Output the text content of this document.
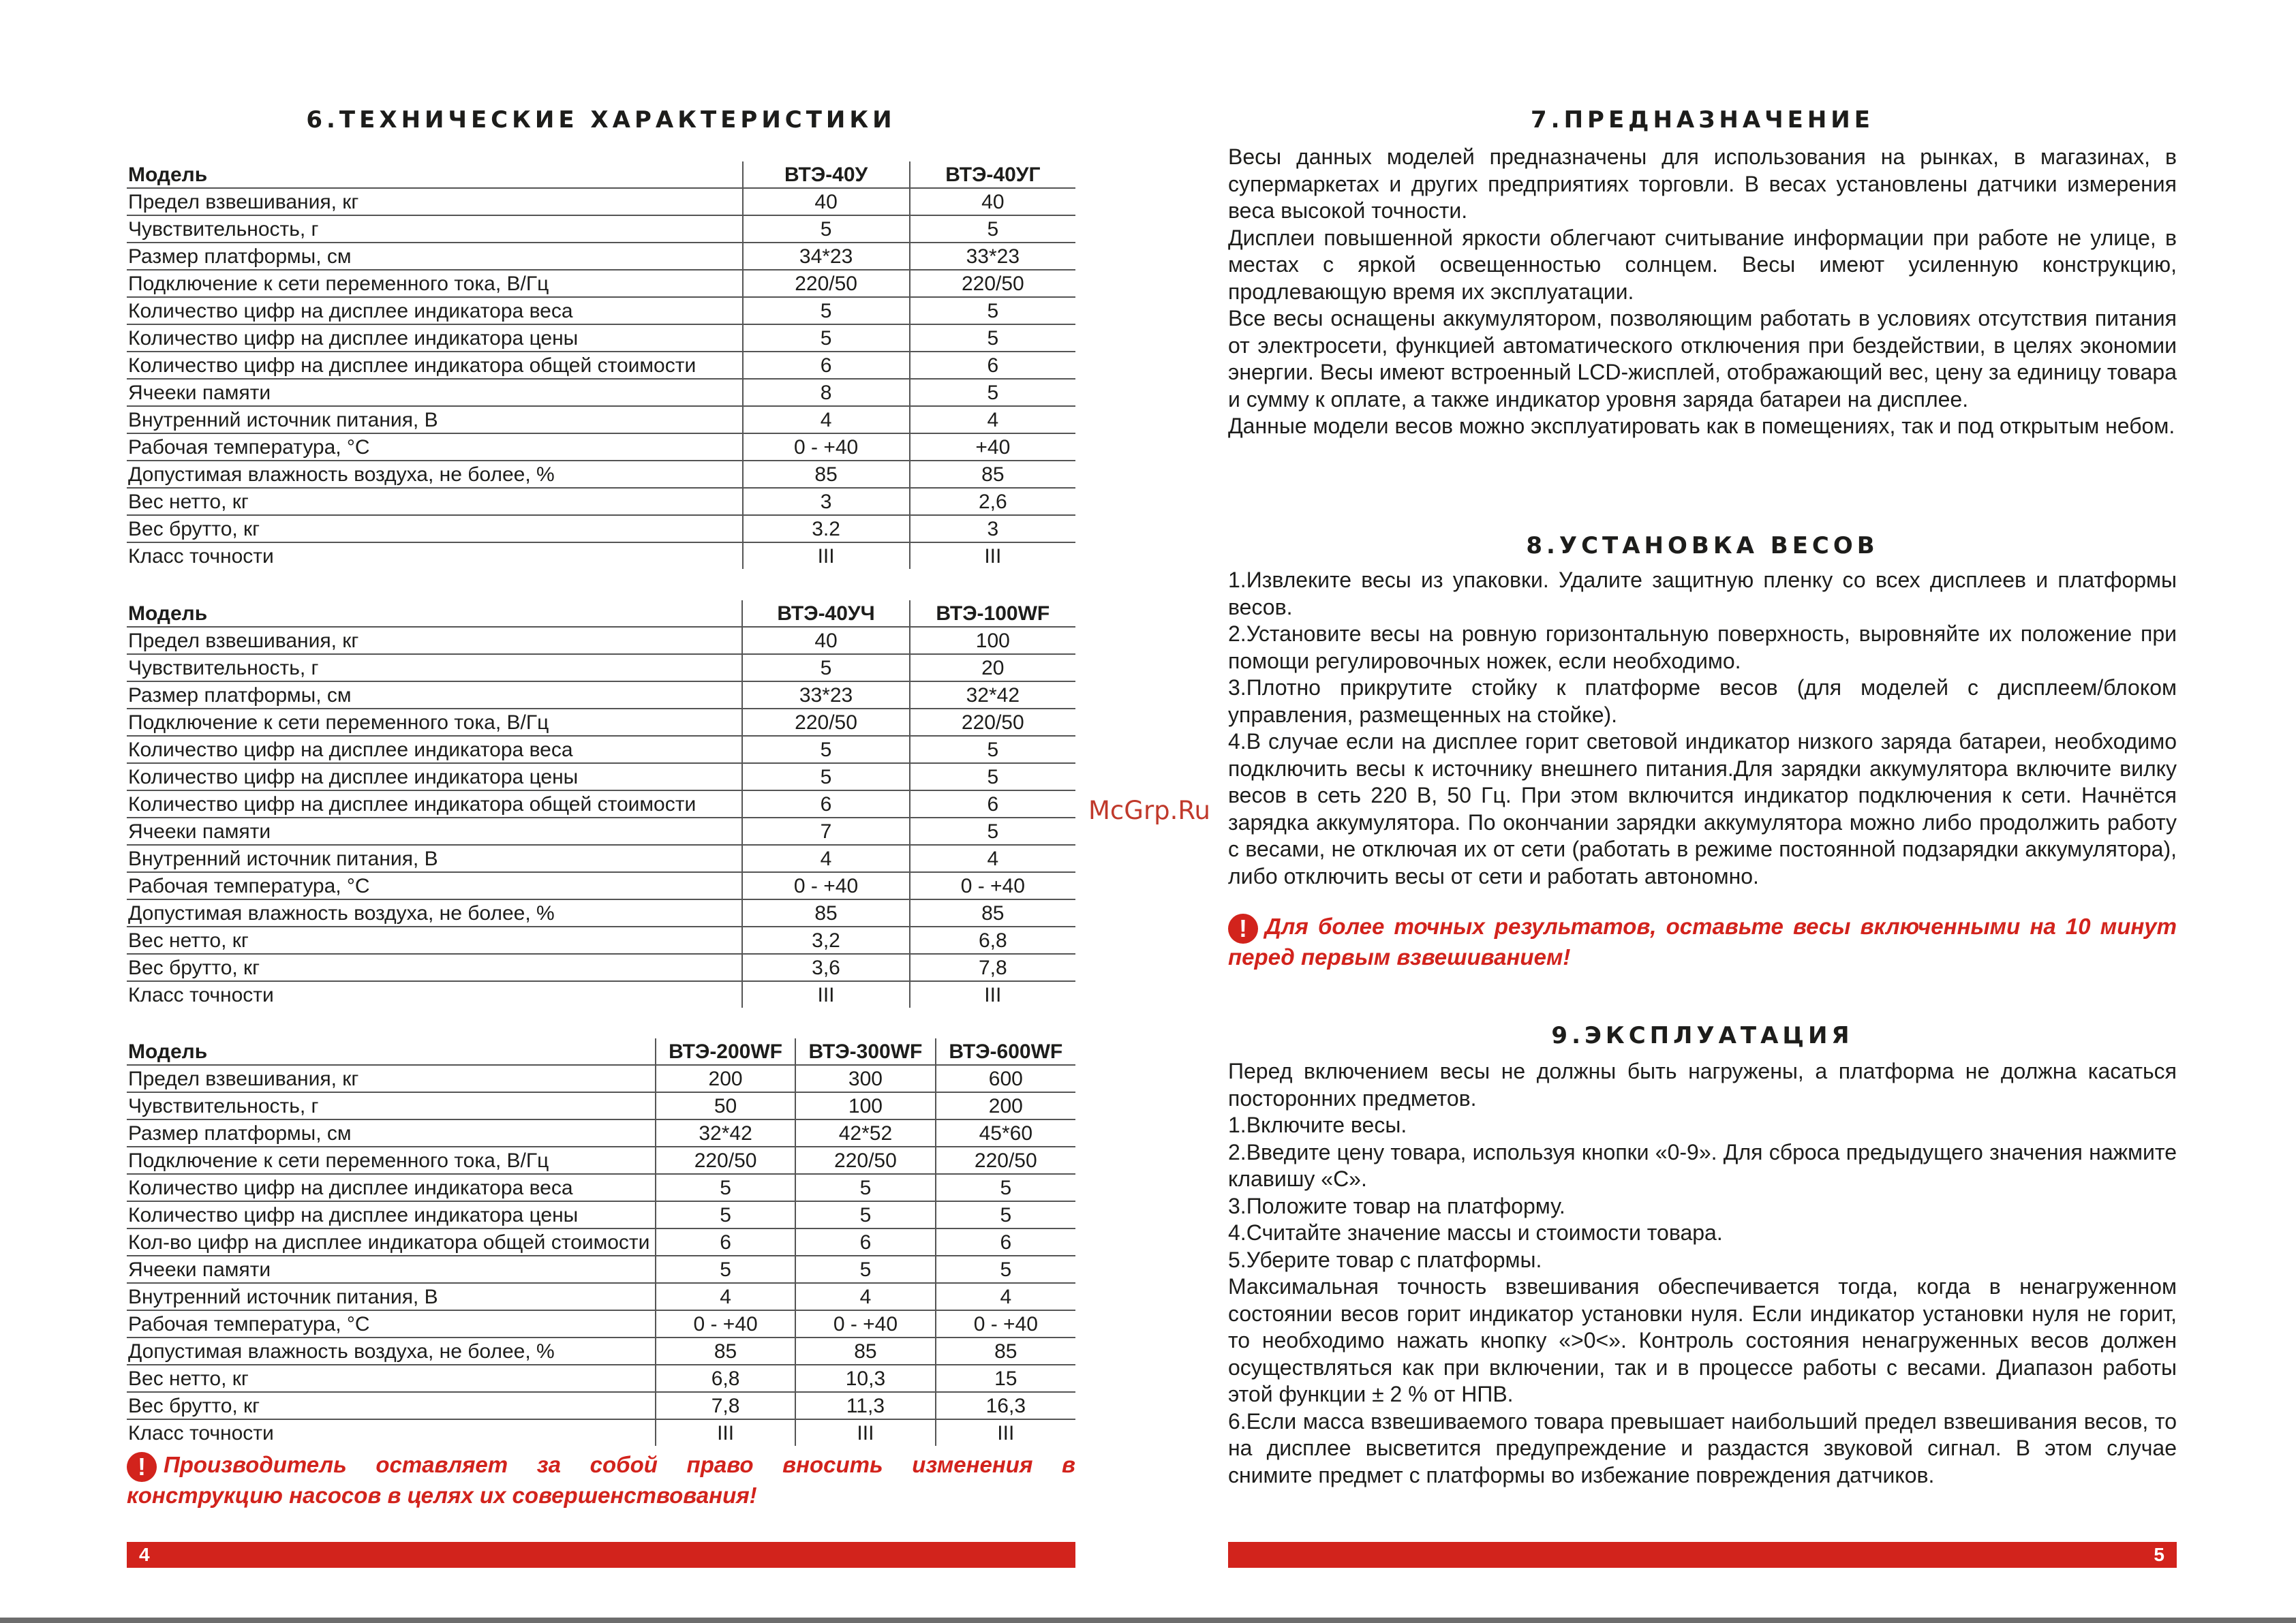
6.ТЕХНИЧЕСКИЕ ХАРАКТЕРИСТИКИ
Модель	ВТЭ-40У	ВТЭ-40УГ
Предел взвешивания, кг	40	40
Чувствительность, г	5	5
Размер платформы, см	34*23	33*23
Подключение к сети переменного тока, В/Гц	220/50	220/50
Количество цифр на дисплее индикатора веса	5	5
Количество цифр на дисплее индикатора цены	5	5
Количество цифр на дисплее индикатора общей стоимости	6	6
Ячееки памяти	8	5
Внутренний источник питания, В	4	4
Рабочая температура, °С	0 - +40	+40
Допустимая влажность воздуха, не более, %	85	85
Вес нетто, кг	3	2,6
Вес брутто, кг	3.2	3
Класс точности	III	III
Модель	ВТЭ-40УЧ	ВТЭ-100WF
Предел взвешивания, кг	40	100
Чувствительность, г	5	20
Размер платформы, см	33*23	32*42
Подключение к сети переменного тока, В/Гц	220/50	220/50
Количество цифр на дисплее индикатора веса	5	5
Количество цифр на дисплее индикатора цены	5	5
Количество цифр на дисплее индикатора общей стоимости	6	6
Ячееки памяти	7	5
Внутренний источник питания, В	4	4
Рабочая температура, °С	0 - +40	0 - +40
Допустимая влажность воздуха, не более, %	85	85
Вес нетто, кг	3,2	6,8
Вес брутто, кг	3,6	7,8
Класс точности	III	III
Модель	ВТЭ-200WF	ВТЭ-300WF	ВТЭ-600WF
Предел взвешивания, кг	200	300	600
Чувствительность, г	50	100	200
Размер платформы, см	32*42	42*52	45*60
Подключение к сети переменного тока, В/Гц	220/50	220/50	220/50
Количество цифр на дисплее индикатора веса	5	5	5
Количество цифр на дисплее индикатора цены	5	5	5
Кол-во цифр на дисплее индикатора общей стоимости	6	6	6
Ячееки памяти	5	5	5
Внутренний источник питания, В	4	4	4
Рабочая температура, °С	0 - +40	0 - +40	0 - +40
Допустимая влажность воздуха, не более, %	85	85	85
Вес нетто, кг	6,8	10,3	15
Вес брутто, кг	7,8	11,3	16,3
Класс точности	III	III	III
! Производитель оставляет за собой право вносить изменения в конструкцию насосов в целях их совершенствования!
4
McGrp.Ru
7.ПРЕДНАЗНАЧЕНИЕ

Весы данных моделей предназначены для использования на рынках, в магазинах, в супермаркетах и других предприятиях торговли. В весах установлены датчики измерения веса высокой точности.

Дисплеи повышенной яркости облегчают считывание информации при работе не улице, в местах с яркой освещенностью солнцем. Весы имеют усиленную конструкцию, продлевающую время их эксплуатации.

Все весы оснащены аккумулятором, позволяющим работать в условиях отсутствия питания от электросети, функцией автоматического отключения при бездействии, в целях экономии энергии. Весы имеют встроенный LCD-жисплей, отображающий вес, цену за единицу товара и сумму к оплате, а также индикатор уровня заряда батареи на дисплее.

Данные модели весов можно эксплуатировать как в помещениях, так и под открытым небом.

8.УСТАНОВКА ВЕСОВ

1.Извлеките весы из упаковки. Удалите защитную пленку со всех дисплеев и платформы весов.

2.Установите весы на ровную горизонтальную поверхность, выровняйте их положение при помощи регулировочных ножек, если необходимо.

3.Плотно прикрутите стойку к платформе весов (для моделей с дисплеем/блоком управления, размещенных на стойке).

4.В случае если на дисплее горит световой индикатор низкого заряда батареи, необходимо подключить весы к источнику внешнего питания.Для зарядки аккумулятора включите вилку весов в сеть 220 В, 50 Гц. При этом включится индикатор подключения к сети. Начнётся зарядка аккумулятора. По окончании зарядки аккумулятора можно либо продолжить работу с весами, не отключая их от сети (работать в режиме постоянной подзарядки аккумулятора), либо отключить весы от сети и работать автономно.

! Для более точных результатов, оставьте весы включенными на 10 минут перед первым взвешиванием!
9.ЭКСПЛУАТАЦИЯ

Перед включением весы не должны быть нагружены, а платформа не должна касаться посторонних предметов.

1.Включите весы.

2.Введите цену товара, используя кнопки «0-9». Для сброса предыдущего значения нажмите клавишу «С».

3.Положите товар на платформу.

4.Считайте значение массы и стоимости товара.

5.Уберите товар с платформы.

Максимальная точность взвешивания обеспечивается тогда, когда в ненагруженном состоянии весов горит индикатор установки нуля. Если индикатор установки нуля не горит, то необходимо нажать кнопку «>0<». Контроль состояния ненагруженных весов должен осуществляться как при включении, так и в процессе работы с весами. Диапазон работы этой функции ± 2 % от НПВ.

6.Если масса взвешиваемого товара превышает наибольший предел взвешивания весов, то на дисплее высветится предупреждение и раздастся звуковой сигнал. В этом случае снимите предмет с платформы во избежание повреждения датчиков.

5
